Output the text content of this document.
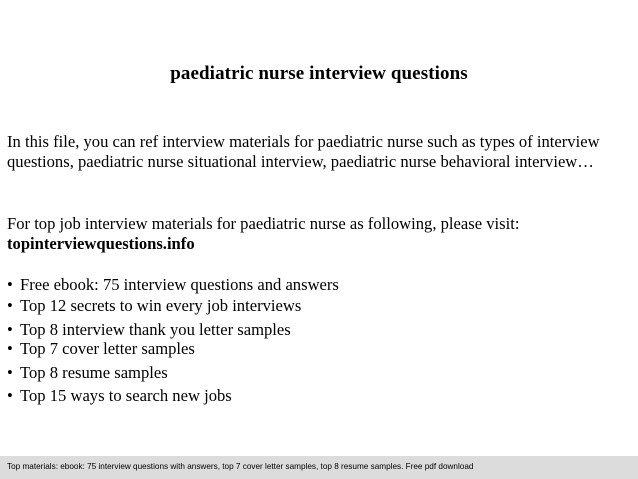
paediatric nurse interview questions

In this file, you can ref interview materials for paediatric nurse such as types of interview questions, paediatric nurse situational interview, paediatric nurse behavioral interview…

For top job interview materials for paediatric nurse as following, please visit:
topinterviewquestions.info

• Free ebook: 75 interview questions and answers
• Top 12 secrets to win every job interviews
• Top 8 interview thank you letter samples
• Top 7 cover letter samples
• Top 8 resume samples
• Top 15 ways to search new jobs
Top materials: ebook: 75 interview questions with answers, top 7 cover letter samples, top 8 resume samples. Free pdf download
